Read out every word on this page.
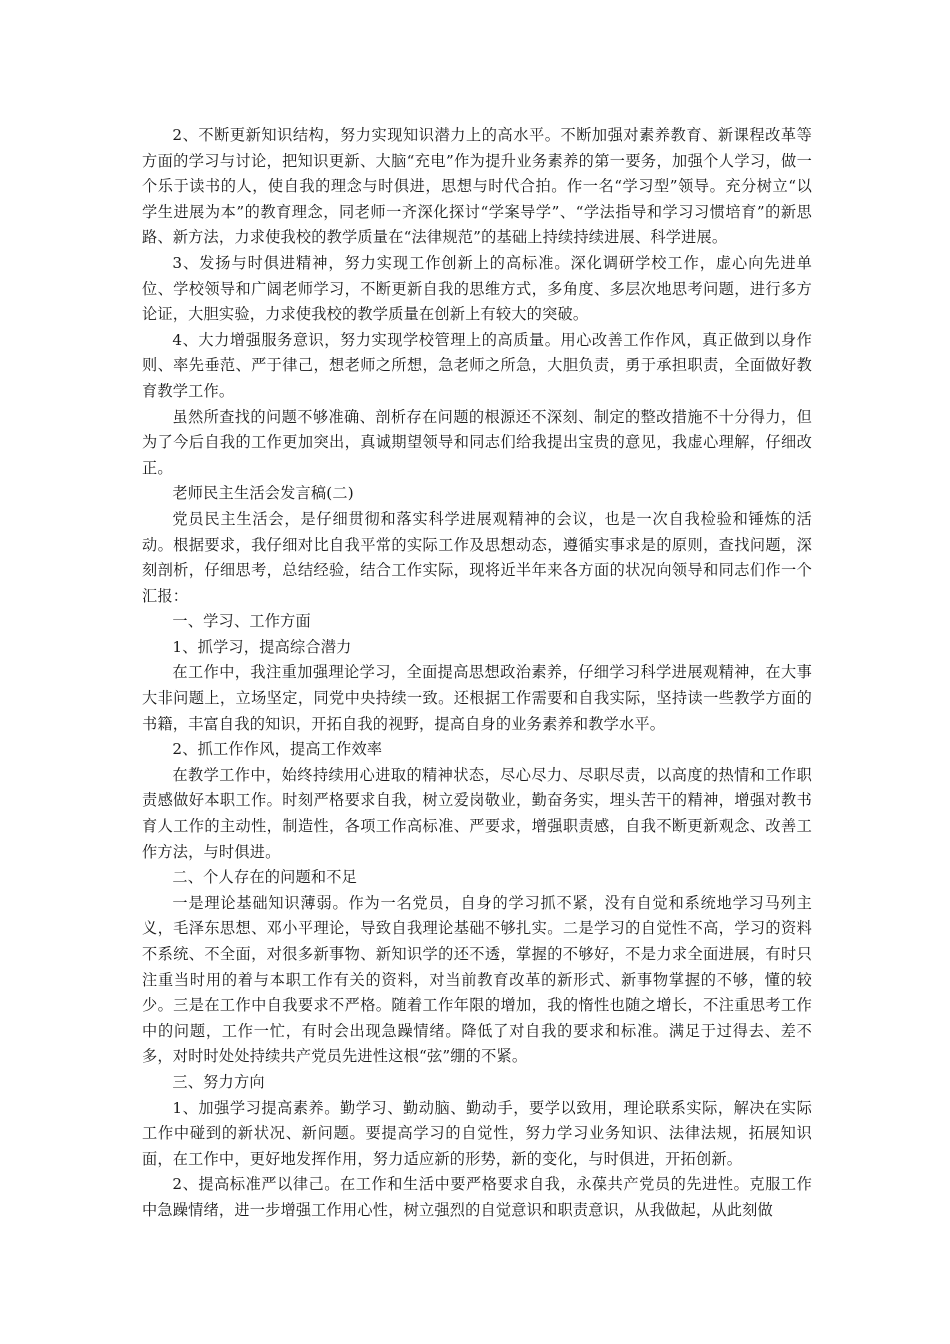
2、不断更新知识结构，努力实现知识潜力上的高水平。不断加强对素养教育、新课程改革等方面的学习与讨论，把知识更新、大脑“充电”作为提升业务素养的第一要务，加强个人学习，做一个乐于读书的人，使自我的理念与时俱进，思想与时代合拍。作一名“学习型”领导。充分树立“以学生进展为本”的教育理念，同老师一齐深化探讨“学案导学”、“学法指导和学习习惯培育”的新思路、新方法，力求使我校的教学质量在“法律规范”的基础上持续持续进展、科学进展。

3、发扬与时俱进精神，努力实现工作创新上的高标准。深化调研学校工作，虚心向先进单位、学校领导和广阔老师学习，不断更新自我的思维方式，多角度、多层次地思考问题，进行多方论证，大胆实验，力求使我校的教学质量在创新上有较大的突破。

4、大力增强服务意识，努力实现学校管理上的高质量。用心改善工作作风，真正做到以身作则、率先垂范、严于律己，想老师之所想，急老师之所急，大胆负责，勇于承担职责，全面做好教育教学工作。

虽然所查找的问题不够准确、剖析存在问题的根源还不深刻、制定的整改措施不十分得力，但为了今后自我的工作更加突出，真诚期望领导和同志们给我提出宝贵的意见，我虚心理解，仔细改正。

老师民主生活会发言稿(二)

党员民主生活会，是仔细贯彻和落实科学进展观精神的会议，也是一次自我检验和锤炼的活动。根据要求，我仔细对比自我平常的实际工作及思想动态，遵循实事求是的原则，查找问题，深刻剖析，仔细思考，总结经验，结合工作实际，现将近半年来各方面的状况向领导和同志们作一个汇报：

一、学习、工作方面

1、抓学习，提高综合潜力

在工作中，我注重加强理论学习，全面提高思想政治素养，仔细学习科学进展观精神，在大事大非问题上，立场坚定，同党中央持续一致。还根据工作需要和自我实际，坚持读一些教学方面的书籍，丰富自我的知识，开拓自我的视野，提高自身的业务素养和教学水平。

2、抓工作作风，提高工作效率

在教学工作中，始终持续用心进取的精神状态，尽心尽力、尽职尽责，以高度的热情和工作职责感做好本职工作。时刻严格要求自我，树立爱岗敬业，勤奋务实，埋头苦干的精神，增强对教书育人工作的主动性，制造性，各项工作高标准、严要求，增强职责感，自我不断更新观念、改善工作方法，与时俱进。

二、个人存在的问题和不足

一是理论基础知识薄弱。作为一名党员，自身的学习抓不紧，没有自觉和系统地学习马列主义，毛泽东思想、邓小平理论，导致自我理论基础不够扎实。二是学习的自觉性不高，学习的资料不系统、不全面，对很多新事物、新知识学的还不透，掌握的不够好，不是力求全面进展，有时只注重当时用的着与本职工作有关的资料，对当前教育改革的新形式、新事物掌握的不够，懂的较少。三是在工作中自我要求不严格。随着工作年限的增加，我的惰性也随之增长，不注重思考工作中的问题，工作一忙，有时会出现急躁情绪。降低了对自我的要求和标准。满足于过得去、差不多，对时时处处持续共产党员先进性这根“弦”绷的不紧。

三、努力方向

1、加强学习提高素养。勤学习、勤动脑、勤动手，要学以致用，理论联系实际，解决在实际工作中碰到的新状况、新问题。要提高学习的自觉性，努力学习业务知识、法律法规，拓展知识面，在工作中，更好地发挥作用，努力适应新的形势，新的变化，与时俱进，开拓创新。

2、提高标准严以律己。在工作和生活中要严格要求自我，永葆共产党员的先进性。克服工作中急躁情绪，进一步增强工作用心性，树立强烈的自觉意识和职责意识，从我做起，从此刻做
